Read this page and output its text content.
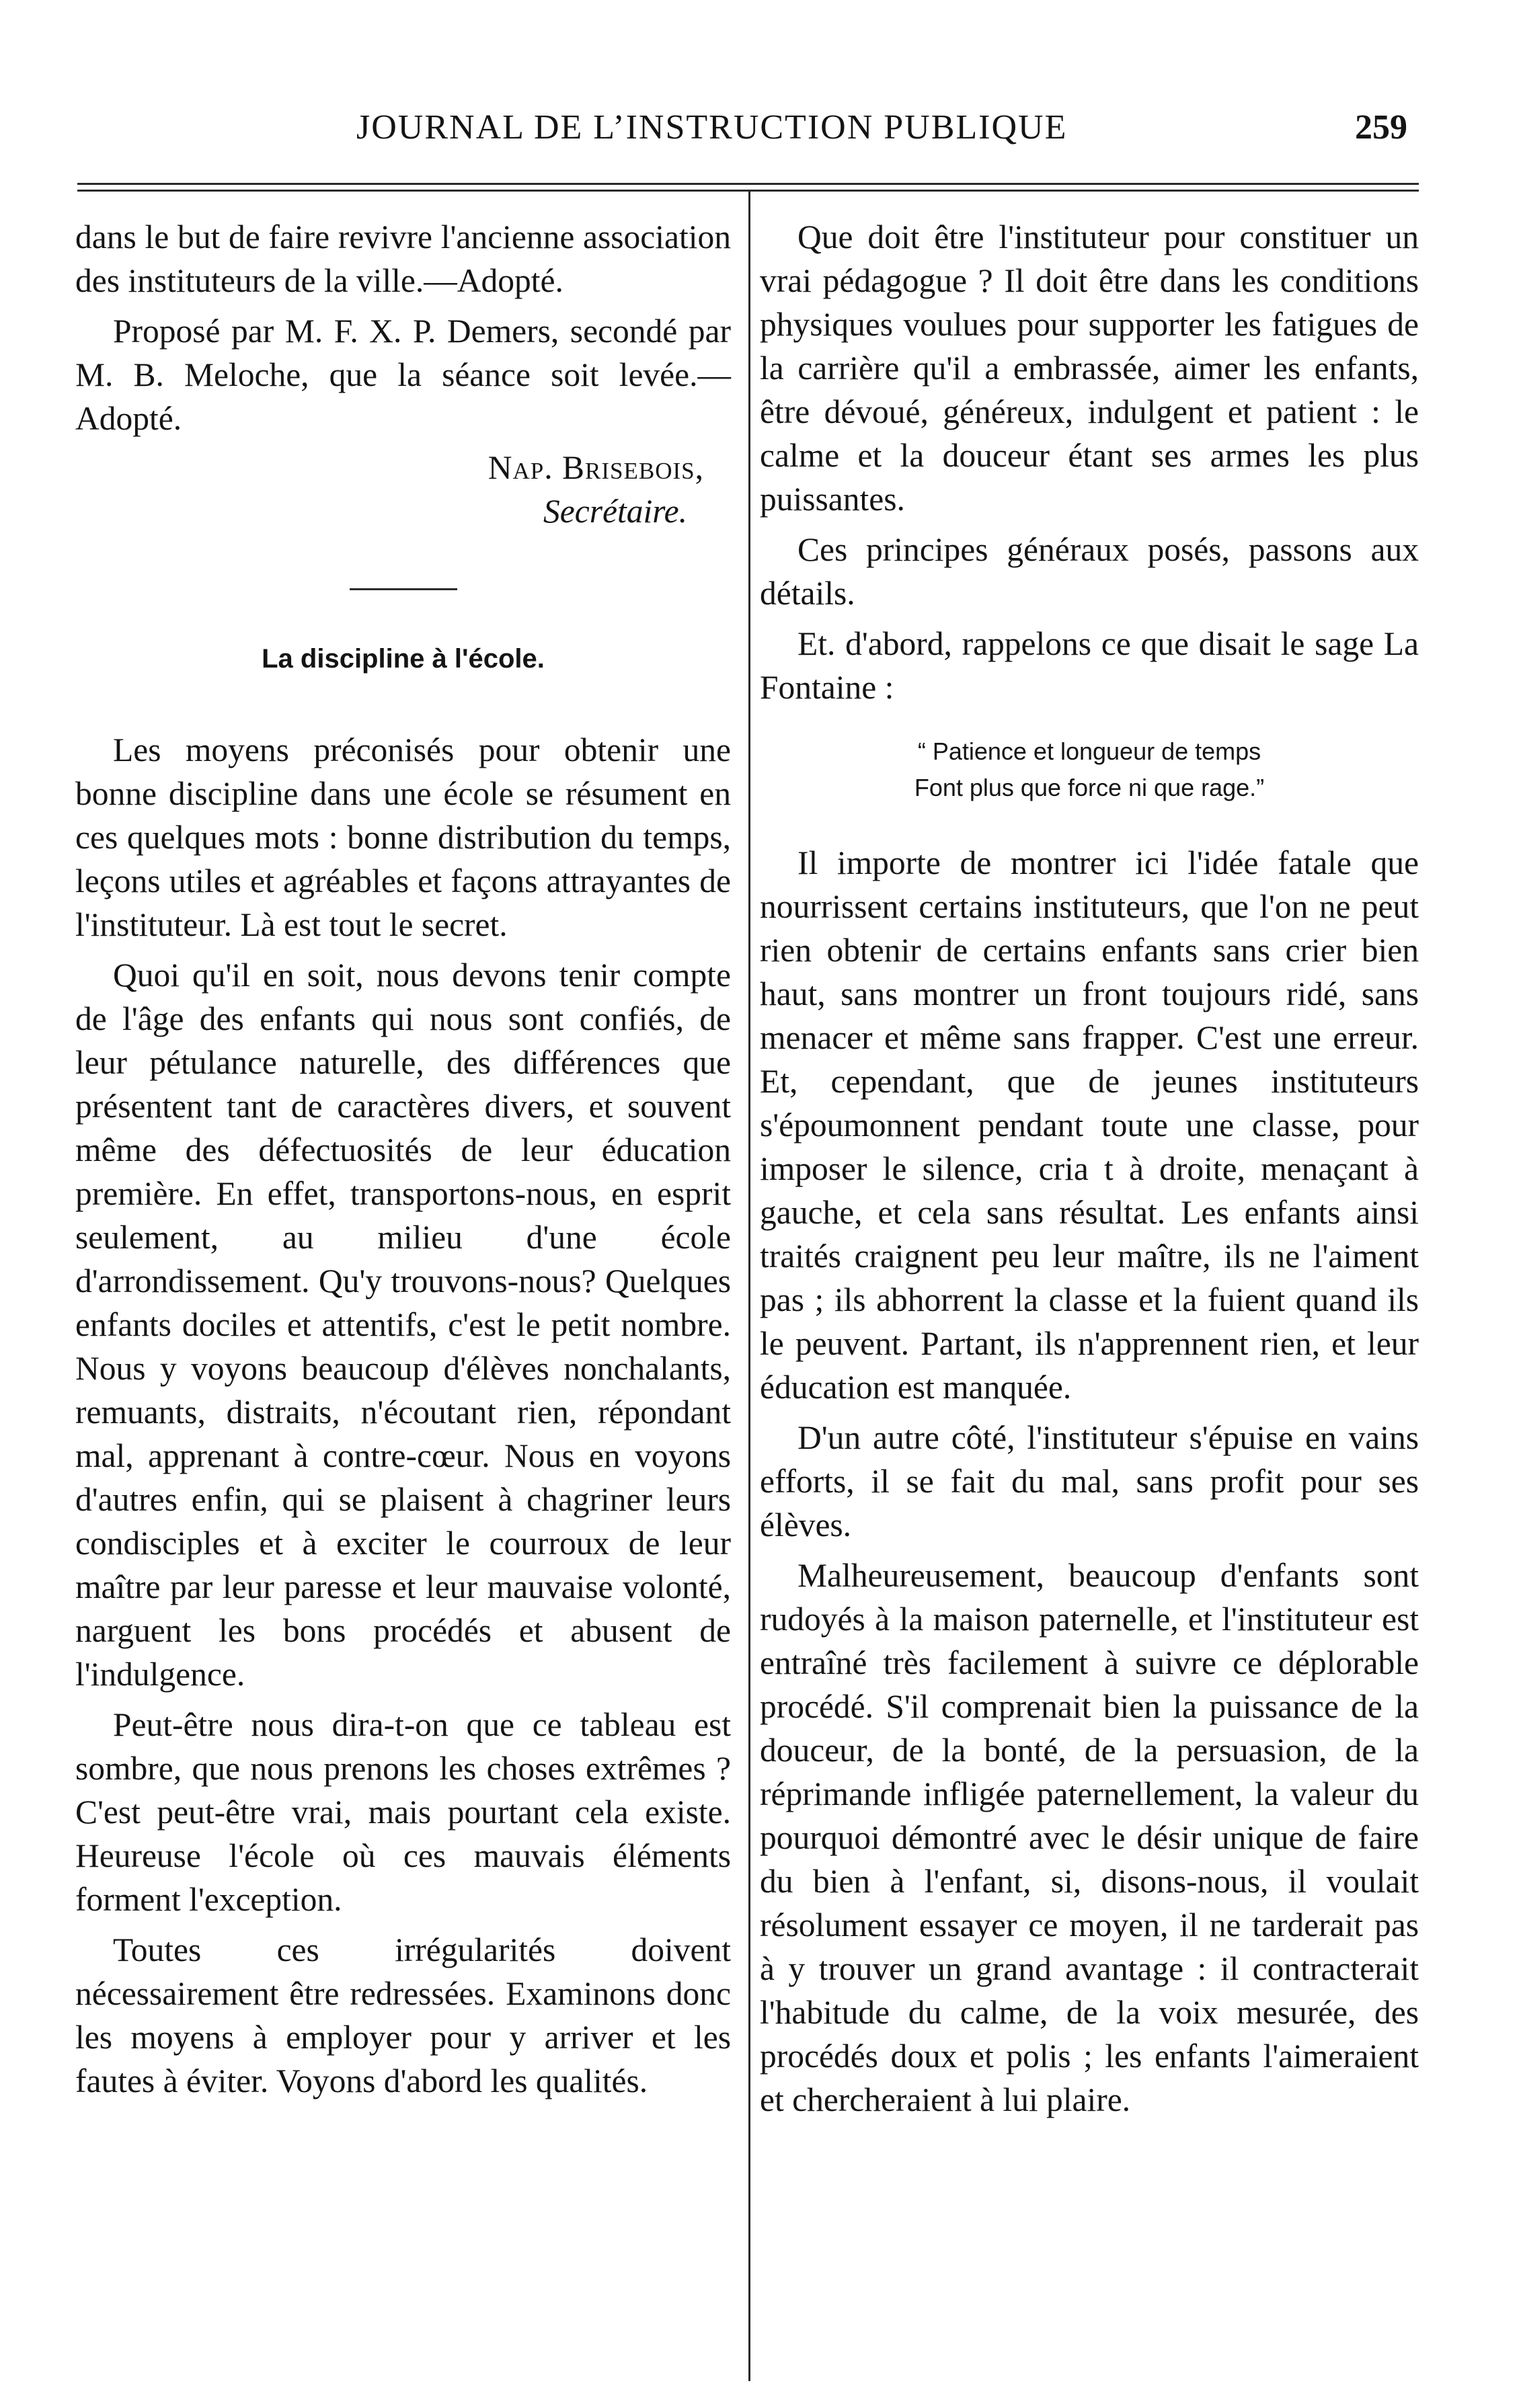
JOURNAL DE L’INSTRUCTION PUBLIQUE	259

dans le but de faire revivre l'ancienne association des instituteurs de la ville.—Adopté.

Proposé par M. F. X. P. Demers, secondé par M. B. Meloche, que la séance soit levée.—Adopté.

Nap. Brisebois,
Secrétaire.
La discipline à l'école.

Les moyens préconisés pour obtenir une bonne discipline dans une école se résument en ces quelques mots : bonne distribution du temps, leçons utiles et agréables et façons attrayantes de l'instituteur. Là est tout le secret.

Quoi qu'il en soit, nous devons tenir compte de l'âge des enfants qui nous sont confiés, de leur pétulance naturelle, des différences que présentent tant de caractères divers, et souvent même des défectuosités de leur éducation première. En effet, transportons-nous, en esprit seulement, au milieu d'une école d'arrondissement. Qu'y trouvons-nous? Quelques enfants dociles et attentifs, c'est le petit nombre. Nous y voyons beaucoup d'élèves nonchalants, remuants, distraits, n'écoutant rien, répondant mal, apprenant à contre-cœur. Nous en voyons d'autres enfin, qui se plaisent à chagriner leurs condisciples et à exciter le courroux de leur maître par leur paresse et leur mauvaise volonté, narguent les bons procédés et abusent de l'indulgence.

Peut-être nous dira-t-on que ce tableau est sombre, que nous prenons les choses extrêmes ? C'est peut-être vrai, mais pourtant cela existe. Heureuse l'école où ces mauvais éléments forment l'exception.

Toutes ces irrégularités doivent nécessairement être redressées. Examinons donc les moyens à employer pour y arriver et les fautes à éviter. Voyons d'abord les qualités.

Que doit être l'instituteur pour constituer un vrai pédagogue ? Il doit être dans les conditions physiques voulues pour supporter les fatigues de la carrière qu'il a embrassée, aimer les enfants, être dévoué, généreux, indulgent et patient : le calme et la douceur étant ses armes les plus puissantes.

Ces principes généraux posés, passons aux détails.

Et. d'abord, rappelons ce que disait le sage La Fontaine :

“ Patience et longueur de temps
Font plus que force ni que rage.”

Il importe de montrer ici l'idée fatale que nourrissent certains instituteurs, que l'on ne peut rien obtenir de certains enfants sans crier bien haut, sans montrer un front toujours ridé, sans menacer et même sans frapper. C'est une erreur. Et, cependant, que de jeunes instituteurs s'époumonnent pendant toute une classe, pour imposer le silence, cria t à droite, menaçant à gauche, et cela sans résultat. Les enfants ainsi traités craignent peu leur maître, ils ne l'aiment pas ; ils abhorrent la classe et la fuient quand ils le peuvent. Partant, ils n'apprennent rien, et leur éducation est manquée.

D'un autre côté, l'instituteur s'épuise en vains efforts, il se fait du mal, sans profit pour ses élèves.

Malheureusement, beaucoup d'enfants sont rudoyés à la maison paternelle, et l'instituteur est entraîné très facilement à suivre ce déplorable procédé. S'il comprenait bien la puissance de la douceur, de la bonté, de la persuasion, de la réprimande infligée paternellement, la valeur du pourquoi démontré avec le désir unique de faire du bien à l'enfant, si, disons-nous, il voulait résolument essayer ce moyen, il ne tarderait pas à y trouver un grand avantage : il contracterait l'habitude du calme, de la voix mesurée, des procédés doux et polis ; les enfants l'aimeraient et chercheraient à lui plaire.
